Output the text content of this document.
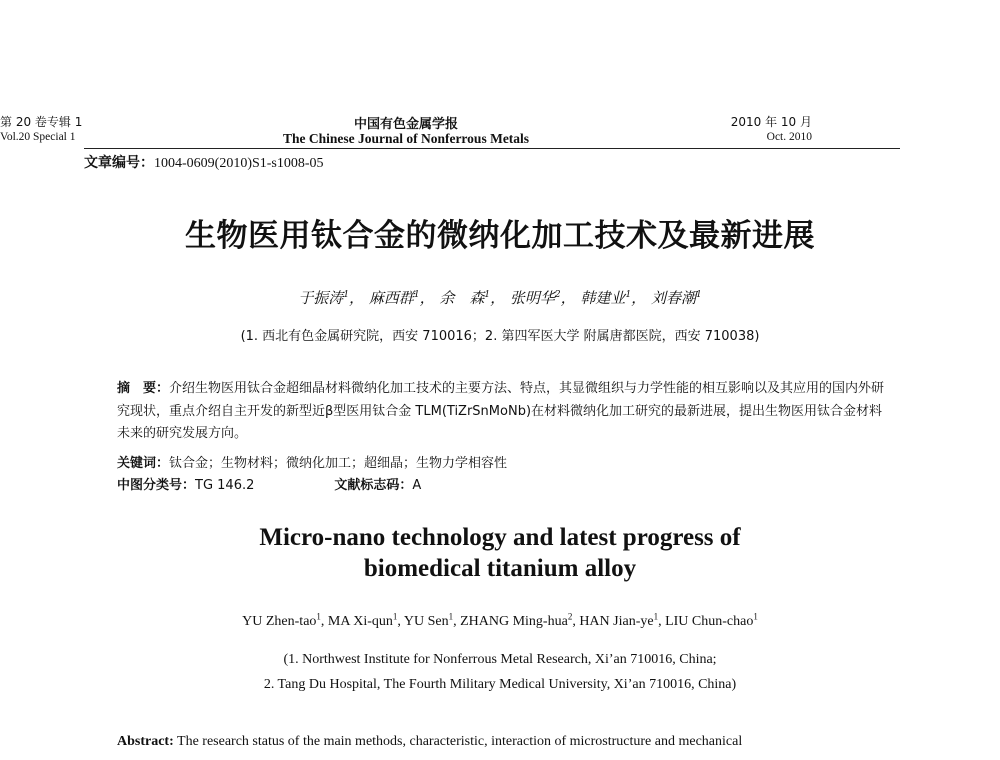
第 20 卷专辑 1	中国有色金属学报	2010 年 10 月
Vol.20 Special 1	The Chinese Journal of Nonferrous Metals	Oct. 2010
文章编号：1004-0609(2010)S1-s1008-05
生物医用钛合金的微纳化加工技术及最新进展
于振涛$^1$， 麻西群$^1$， 余　森$^1$， 张明华$^2$， 韩建业$^1$， 刘春潮$^1$
(1. 西北有色金属研究院，西安 710016；2. 第四军医大学 附属唐都医院，西安 710038)
摘　要：介绍生物医用钛合金超细晶材料微纳化加工技术的主要方法、特点，其显微组织与力学性能的相互影响以及其应用的国内外研究现状，重点介绍自主开发的新型近β型医用钛合金 TLM(TiZrSnMoNb)在材料微纳化加工研究的最新进展，提出生物医用钛合金材料未来的研究发展方向。
关键词：钛合金；生物材料；微纳化加工；超细晶；生物力学相容性
中图分类号：TG 146.2	文献标志码：A
Micro-nano technology and latest progress of
biomedical titanium alloy
YU Zhen-tao$^1$, MA Xi-qun$^1$, YU Sen$^1$, ZHANG Ming-hua$^2$, HAN Jian-$ye^1$, LIU Chun-chao$^1$
(1. Northwest Institute for Nonferrous Metal Research, Xi’an 710016, China;
2. Tang Du Hospital, The Fourth Military Medical University, Xi’an 710016, China)
Abstract: The research status of the main methods, characteristic, interaction of microstructure and mechanical
